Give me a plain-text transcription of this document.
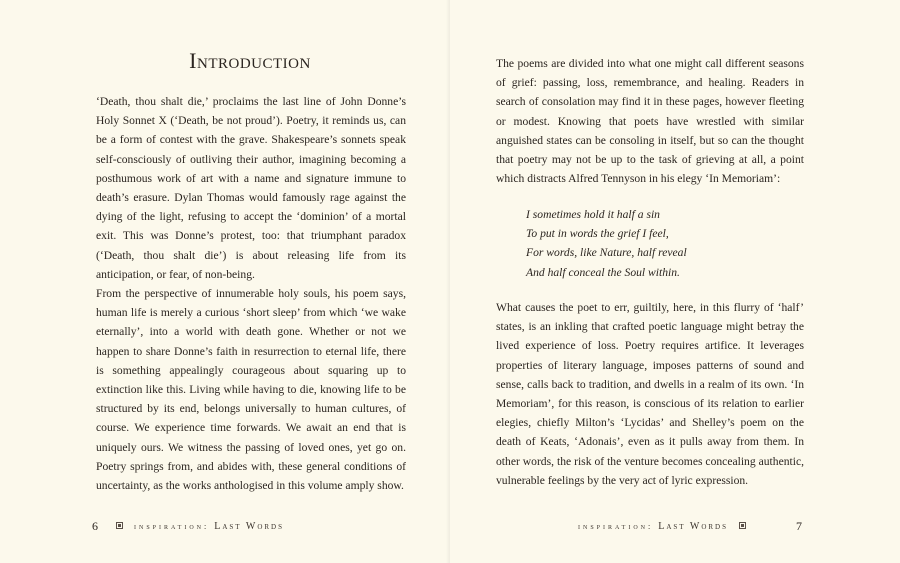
Introduction

‘Death, thou shalt die,’ proclaims the last line of John Donne’s Holy Sonnet X (‘Death, be not proud’). Poetry, it reminds us, can be a form of contest with the grave. Shakespeare’s sonnets speak self-consciously of outliving their author, imagining becoming a posthumous work of art with a name and signature immune to death’s erasure. Dylan Thomas would famously rage against the dying of the light, refusing to accept the ‘dominion’ of a mortal exit. This was Donne’s protest, too: that triumphant paradox (‘Death, thou shalt die’) is about releasing life from its anticipation, or fear, of non-being.

From the perspective of innumerable holy souls, his poem says, human life is merely a curious ‘short sleep’ from which ‘we wake eternally’, into a world with death gone. Whether or not we happen to share Donne’s faith in resurrection to eternal life, there is something appealingly courageous about squaring up to extinction like this. Living while having to die, knowing life to be structured by its end, belongs universally to human cultures, of course. We experience time forwards. We await an end that is uniquely ours. We witness the passing of loved ones, yet go on. Poetry springs from, and abides with, these general conditions of uncertainty, as the works anthologised in this volume amply show.

6	inspiration: Last Words

The poems are divided into what one might call different seasons of grief: passing, loss, remembrance, and healing. Readers in search of consolation may find it in these pages, however fleeting or modest. Knowing that poets have wrestled with similar anguished states can be consoling in itself, but so can the thought that poetry may not be up to the task of grieving at all, a point which distracts Alfred Tennyson in his elegy ‘In Memoriam’:

I sometimes hold it half a sin
To put in words the grief I feel,
For words, like Nature, half reveal
And half conceal the Soul within.

What causes the poet to err, guiltily, here, in this flurry of ‘half’ states, is an inkling that crafted poetic language might betray the lived experience of loss. Poetry requires artifice. It leverages properties of literary language, imposes patterns of sound and sense, calls back to tradition, and dwells in a realm of its own. ‘In Memoriam’, for this reason, is conscious of its relation to earlier elegies, chiefly Milton’s ‘Lycidas’ and Shelley’s poem on the death of Keats, ‘Adonais’, even as it pulls away from them. In other words, the risk of the venture becomes concealing authentic, vulnerable feelings by the very act of lyric expression.

inspiration: Last Words	7
